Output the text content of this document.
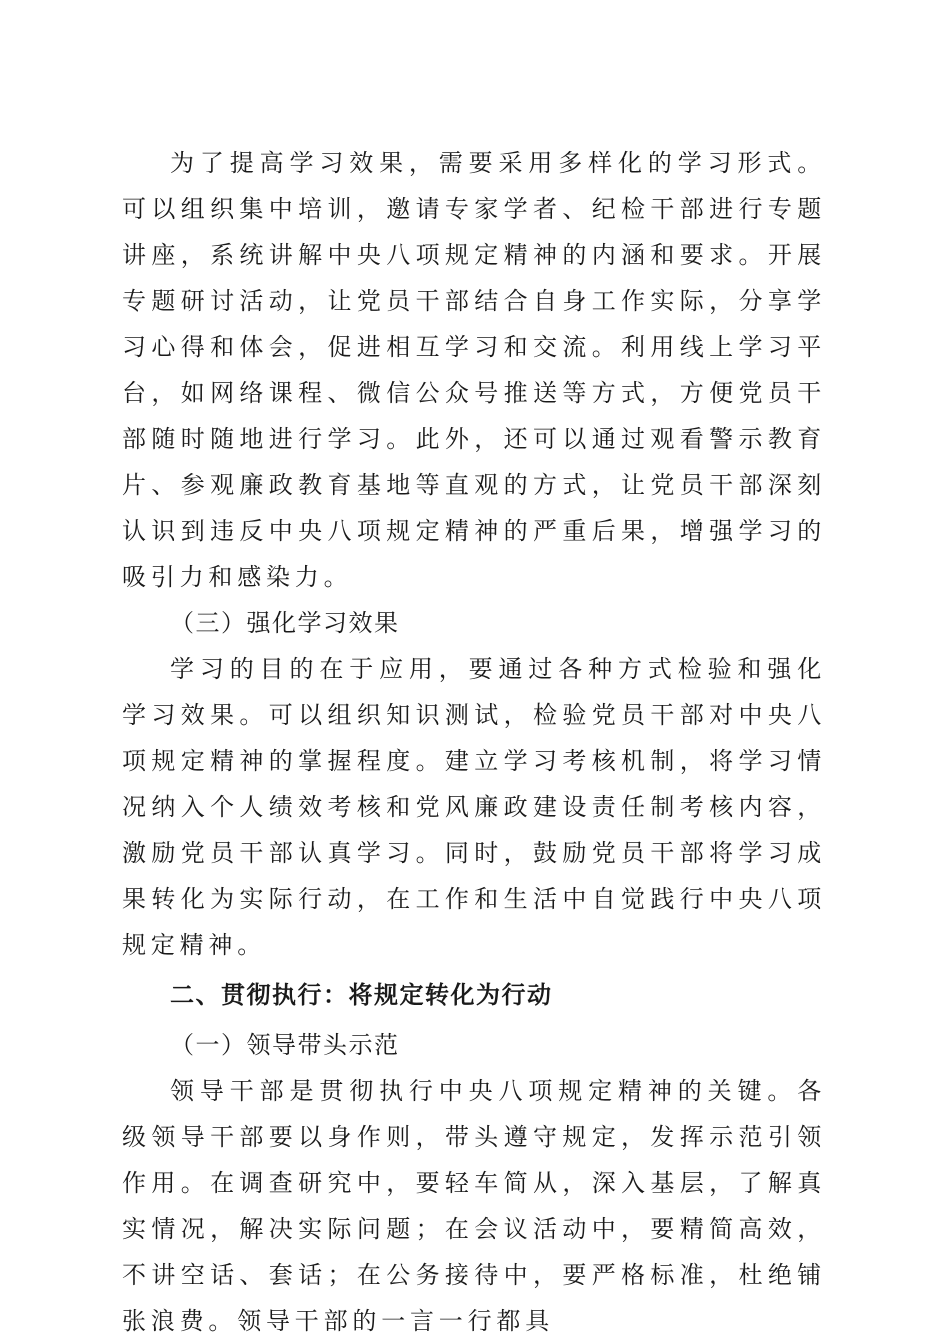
为了提高学习效果，需要采用多样化的学习形式。可以组织集中培训，邀请专家学者、纪检干部进行专题讲座，系统讲解中央八项规定精神的内涵和要求。开展专题研讨活动，让党员干部结合自身工作实际，分享学习心得和体会，促进相互学习和交流。利用线上学习平台，如网络课程、微信公众号推送等方式，方便党员干部随时随地进行学习。此外，还可以通过观看警示教育片、参观廉政教育基地等直观的方式，让党员干部深刻认识到违反中央八项规定精神的严重后果，增强学习的吸引力和感染力。

（三）强化学习效果

学习的目的在于应用，要通过各种方式检验和强化学习效果。可以组织知识测试，检验党员干部对中央八项规定精神的掌握程度。建立学习考核机制，将学习情况纳入个人绩效考核和党风廉政建设责任制考核内容，激励党员干部认真学习。同时，鼓励党员干部将学习成果转化为实际行动，在工作和生活中自觉践行中央八项规定精神。

二、贯彻执行：将规定转化为行动

（一）领导带头示范

领导干部是贯彻执行中央八项规定精神的关键。各级领导干部要以身作则，带头遵守规定，发挥示范引领作用。在调查研究中，要轻车简从，深入基层，了解真实情况，解决实际问题；在会议活动中，要精简高效，不讲空话、套话；在公务接待中，要严格标准，杜绝铺张浪费。领导干部的一言一行都具
